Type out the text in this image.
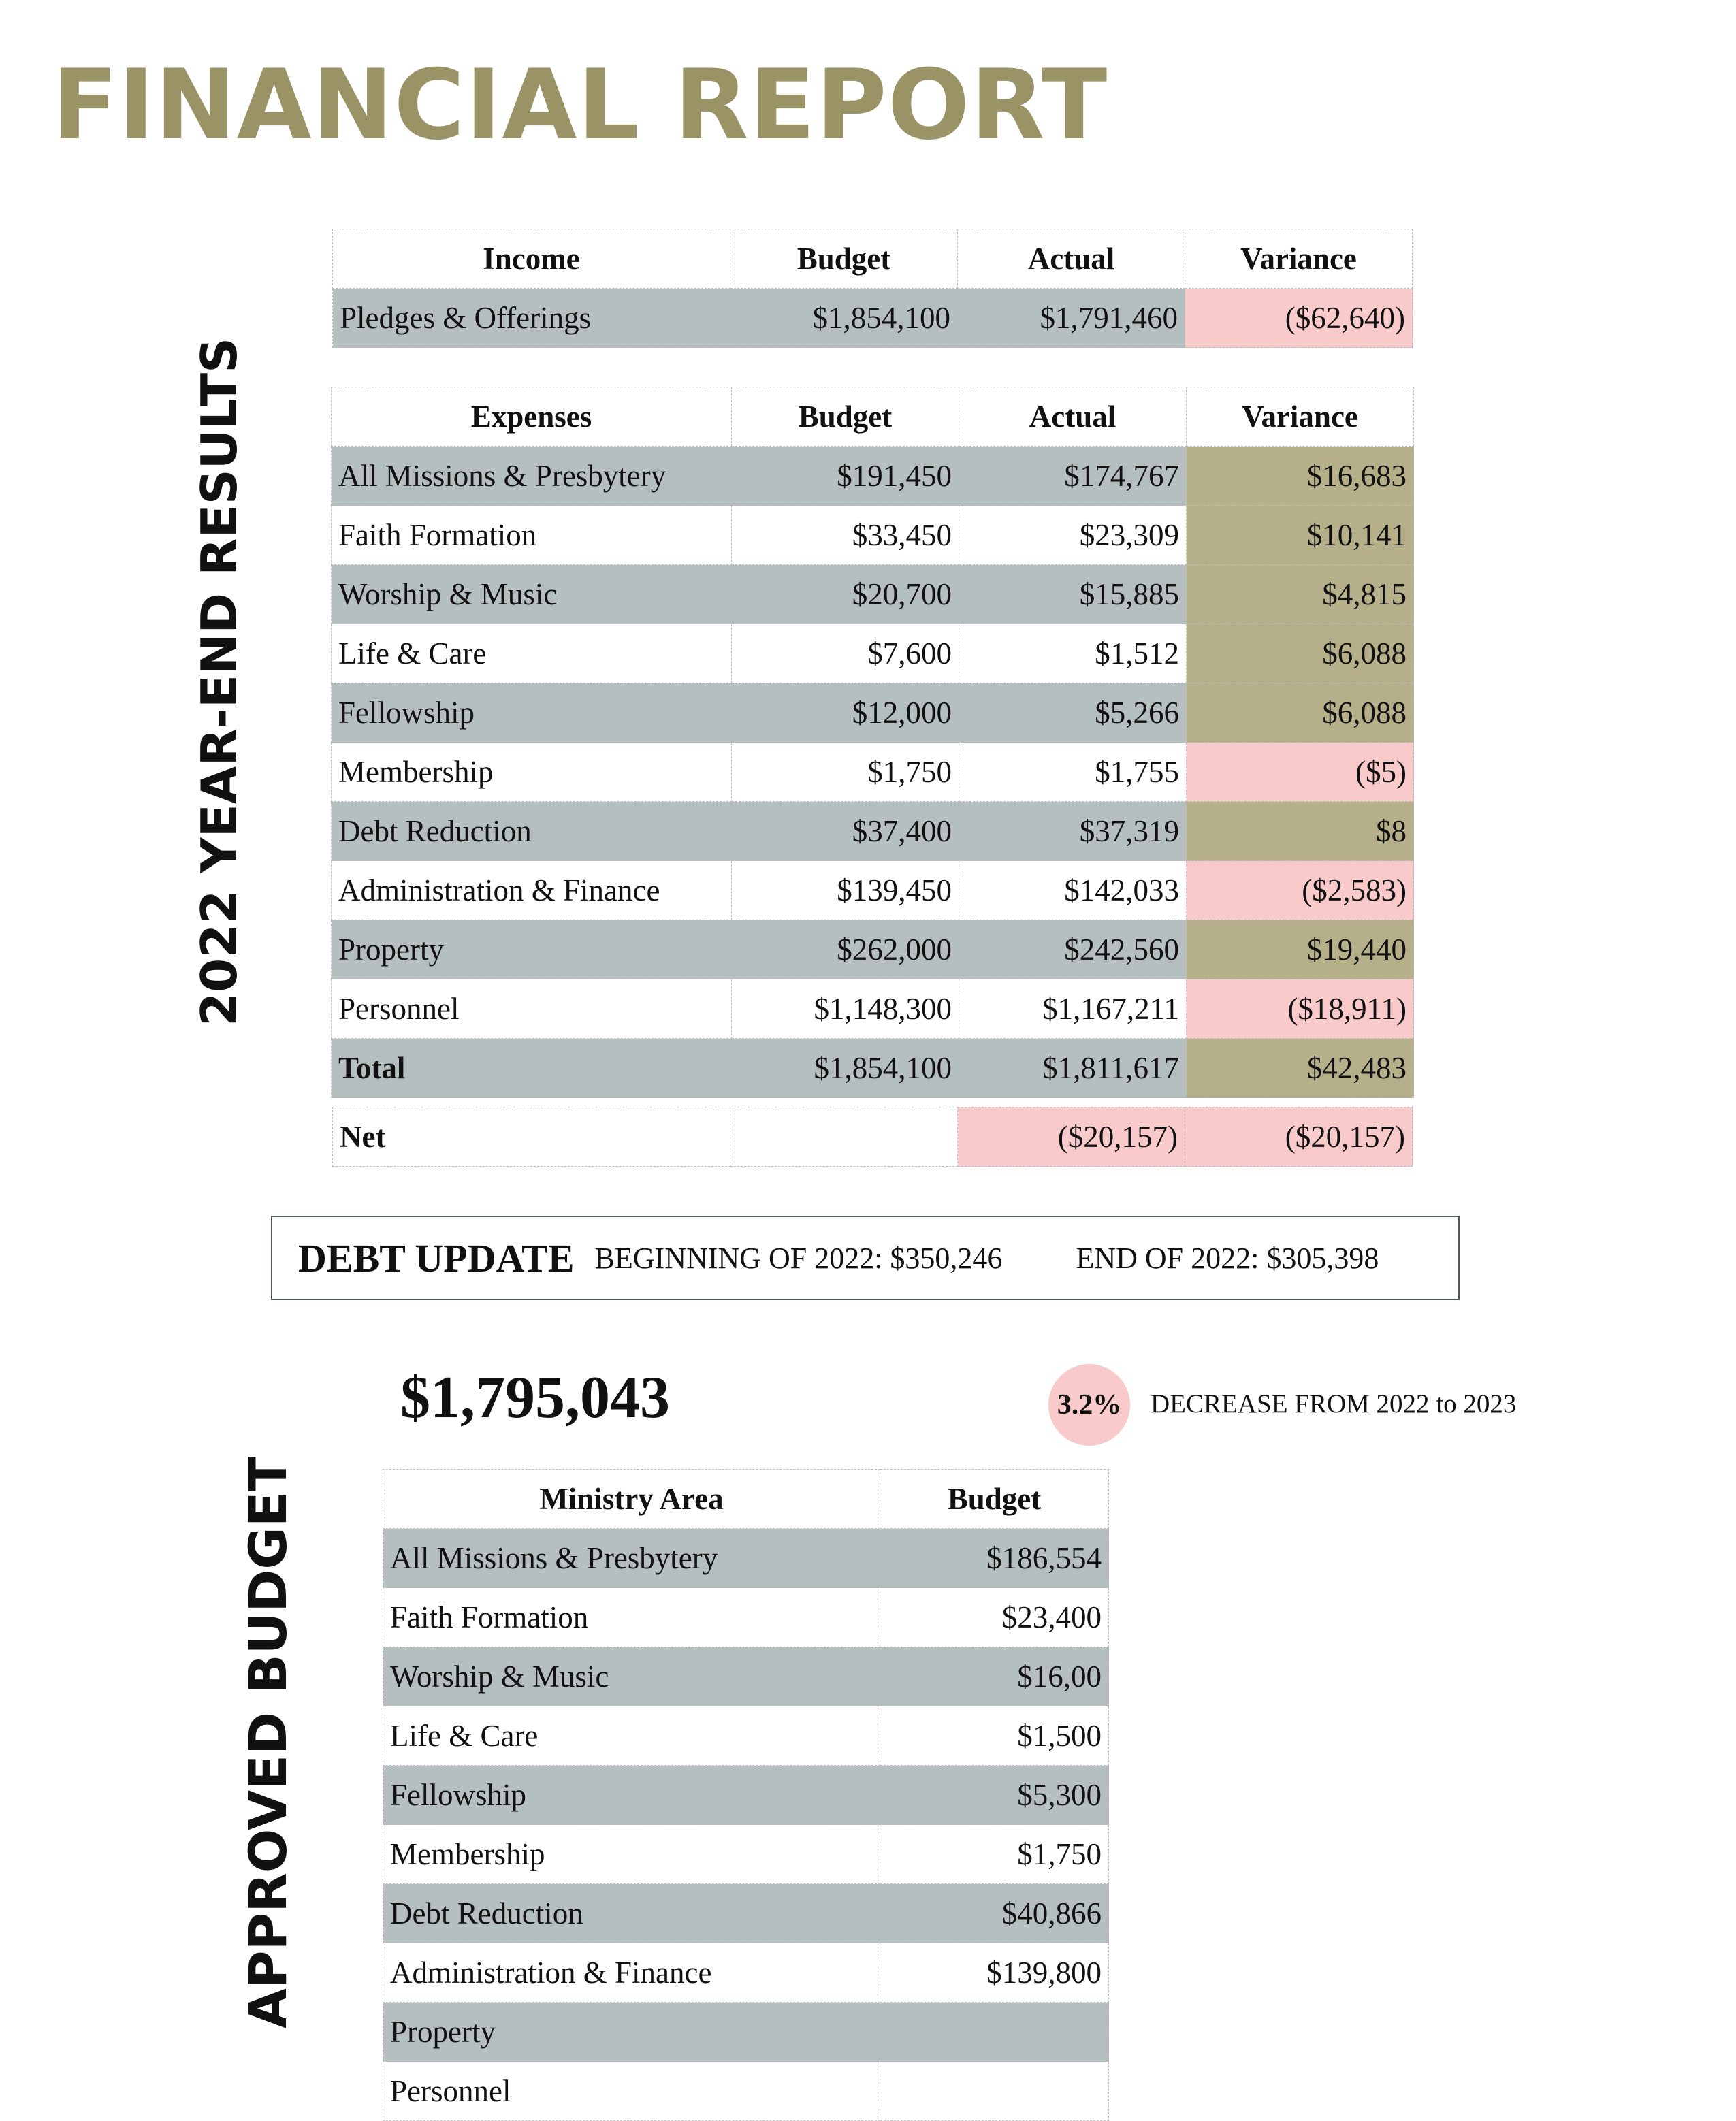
FINANCIAL REPORT
2022 YEAR-END RESULTS
Income	Budget	Actual	Variance
Pledges & Offerings	$1,854,100	$1,791,460	($62,640)
Expenses	Budget	Actual	Variance
All Missions & Presbytery	$191,450	$174,767	$16,683
Faith Formation	$33,450	$23,309	$10,141
Worship & Music	$20,700	$15,885	$4,815
Life & Care	$7,600	$1,512	$6,088
Fellowship	$12,000	$5,266	$6,088
Membership	$1,750	$1,755	($5)
Debt Reduction	$37,400	$37,319	$8
Administration & Finance	$139,450	$142,033	($2,583)
Property	$262,000	$242,560	$19,440
Personnel	$1,148,300	$1,167,211	($18,911)
Total	$1,854,100	$1,811,617	$42,483
Net		($20,157)	($20,157)
DEBT UPDATE BEGINNING OF 2022: $350,246 END OF 2022: $305,398
APPROVED BUDGET
$1,795,043	3.2%	DECREASE FROM 2022 to 2023
Ministry Area	Budget
All Missions & Presbytery	$186,554
Faith Formation	$23,400
Worship & Music	$16,00
Life & Care	$1,500
Fellowship	$5,300
Membership	$1,750
Debt Reduction	$40,866
Administration & Finance	$139,800
Property	
Personnel	
